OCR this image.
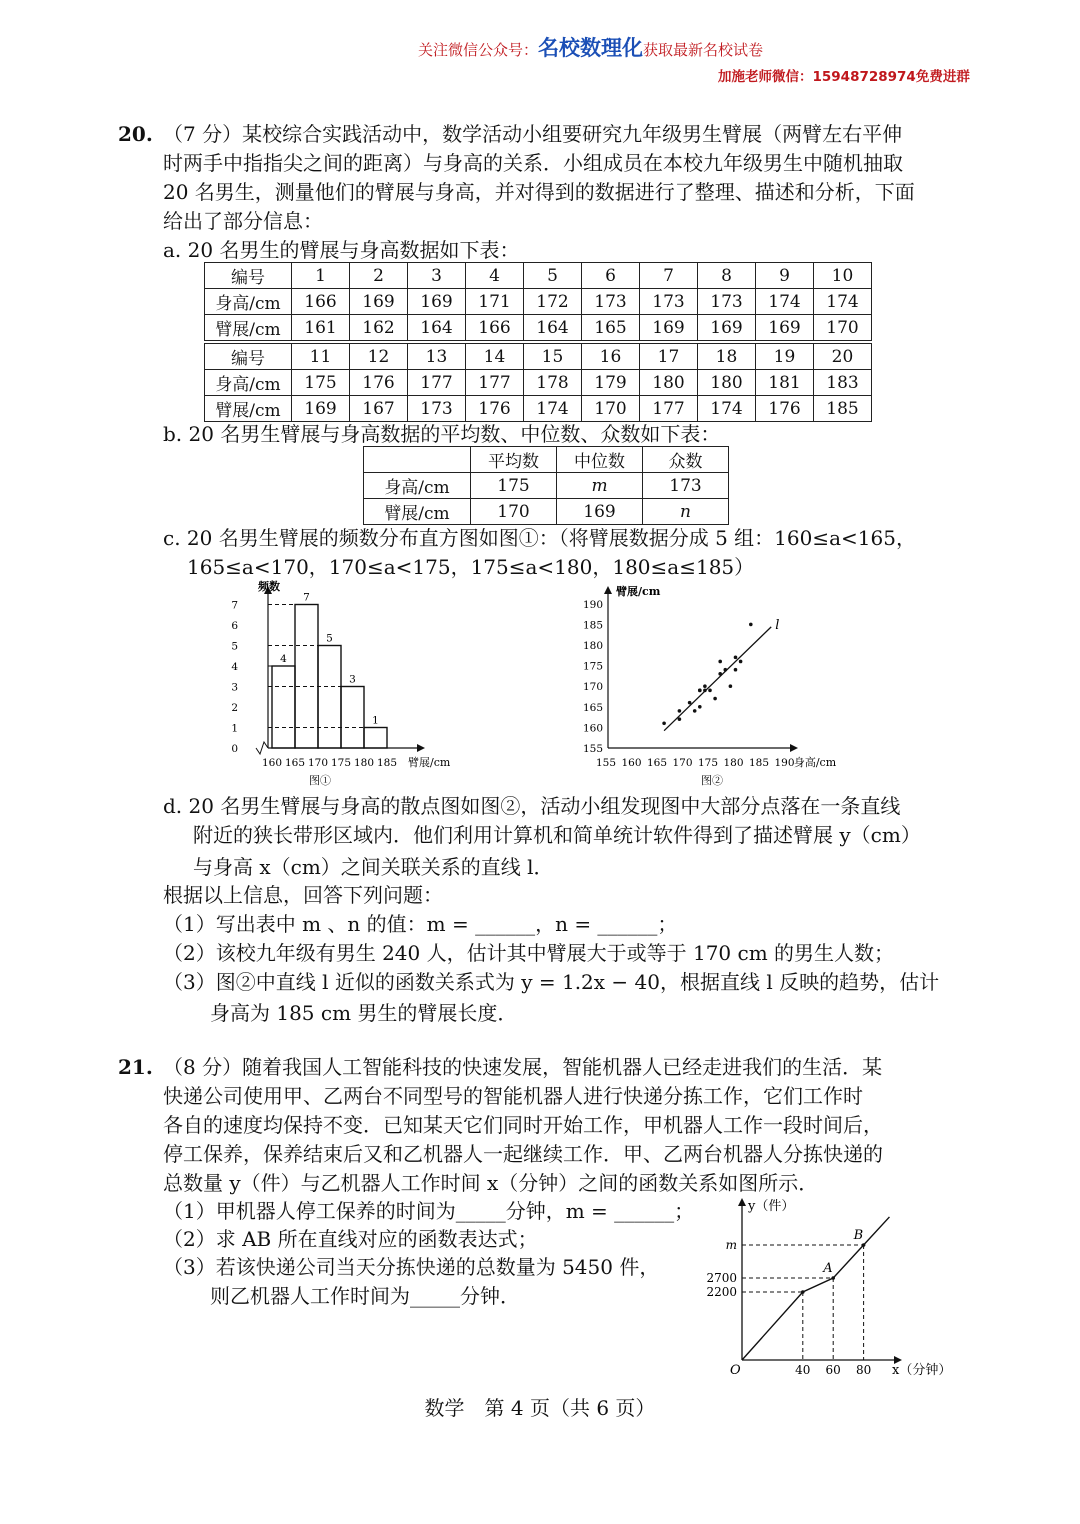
关注微信公众号：名校数理化获取最新名校试卷
加施老师微信：15948728974免费进群
20. （7 分）某校综合实践活动中，数学活动小组要研究九年级男生臂展（两臂左右平伸
时两手中指指尖之间的距离）与身高的关系．小组成员在本校九年级男生中随机抽取
20 名男生，测量他们的臂展与身高，并对得到的数据进行了整理、描述和分析，下面
给出了部分信息：
a. 20 名男生的臂展与身高数据如下表：
编号	1	2	3	4	5	6	7	8	9	10
身高/cm	166	169	169	171	172	173	173	173	174	174
臂展/cm	161	162	164	166	164	165	169	169	169	170
编号	11	12	13	14	15	16	17	18	19	20
身高/cm	175	176	177	177	178	179	180	180	181	183
臂展/cm	169	167	173	176	174	170	177	174	176	185
b. 20 名男生臂展与身高数据的平均数、中位数、众数如下表：
	平均数	中位数	众数
身高/cm	175	m	173
臂展/cm	170	169	n
c. 20 名男生臂展的频数分布直方图如图①：（将臂展数据分成 5 组：160≤a<165，
165≤a<170，170≤a<175，175≤a<180，180≤a≤185）
频数
臂展/cm
0
1
2
3
4
5
6
7
160 165 170 175 180 185
4
7
5
3
1
图①
臂展/cm
身高/cm
155
160
165
170
175
180
185
190
155 160 165 170 175 180 185 190
l
图②
d. 20 名男生臂展与身高的散点图如图②，活动小组发现图中大部分点落在一条直线
附近的狭长带形区域内．他们利用计算机和简单统计软件得到了描述臂展 y（cm）
与身高 x（cm）之间关联关系的直线 l．
根据以上信息，回答下列问题：
（1）写出表中 m 、n 的值：m = ______，n = ______；
（2）该校九年级有男生 240 人，估计其中臂展大于或等于 170 cm 的男生人数；
（3）图②中直线 l 近似的函数关系式为 y = 1.2x − 40，根据直线 l 反映的趋势，估计
身高为 185 cm 男生的臂展长度．
21. （8 分）随着我国人工智能科技的快速发展，智能机器人已经走进我们的生活．某
快递公司使用甲、乙两台不同型号的智能机器人进行快递分拣工作，它们工作时
各自的速度均保持不变．已知某天它们同时开始工作，甲机器人工作一段时间后，
停工保养，保养结束后又和乙机器人一起继续工作．甲、乙两台机器人分拣快递的
总数量 y（件）与乙机器人工作时间 x（分钟）之间的函数关系如图所示．
（1）甲机器人停工保养的时间为_____分钟，m = ______；
（2）求 AB 所在直线对应的函数表达式；
（3）若该快递公司当天分拣快递的总数量为 5450 件，
则乙机器人工作时间为_____分钟．
y（件）
x（分钟）
O
2200
40
2700
60
m
80
A
B
数学　第 4 页（共 6 页）
